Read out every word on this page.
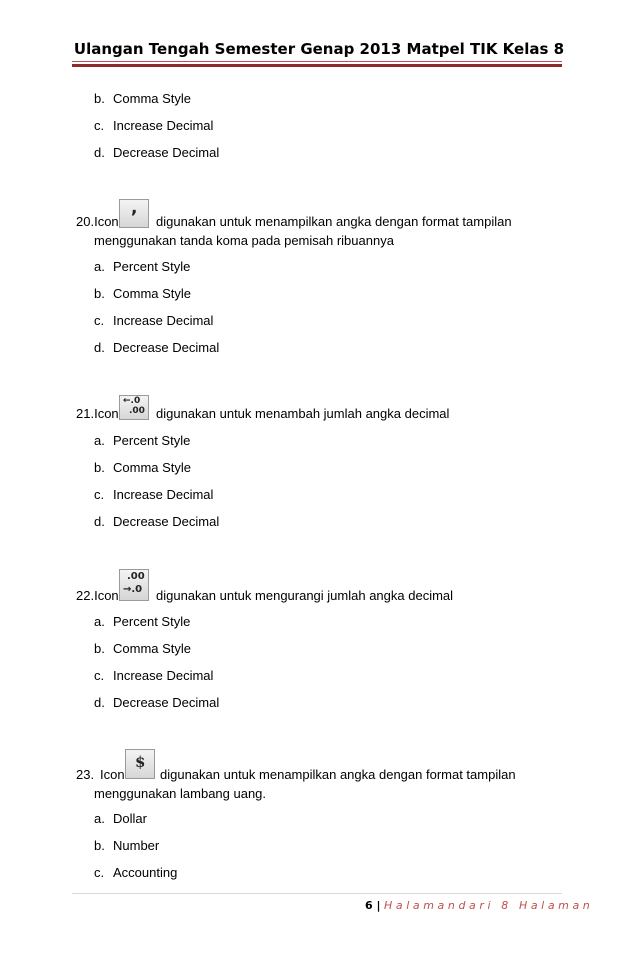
Ulangan Tengah Semester Genap 2013 Matpel TIK Kelas 8
b. Comma Style
c. Increase Decimal
d. Decrease Decimal
20.Icon
,
digunakan untuk menampilkan angka dengan format tampilan
menggunakan tanda koma pada pemisah ribuannya
a. Percent Style
b. Comma Style
c. Increase Decimal
d. Decrease Decimal
21.Icon
←.0
.00 digunakan untuk menambah jumlah angka decimal
a. Percent Style
b. Comma Style
c. Increase Decimal
d. Decrease Decimal
22.Icon
.00
→.0 digunakan untuk mengurangi jumlah angka decimal
a. Percent Style
b. Comma Style
c. Increase Decimal
d. Decrease Decimal
23. Icon
$
digunakan untuk menampilkan angka dengan format tampilan
menggunakan lambang uang.
a. Dollar
b. Number
c. Accounting
6 | Halamandari 8 Halaman
